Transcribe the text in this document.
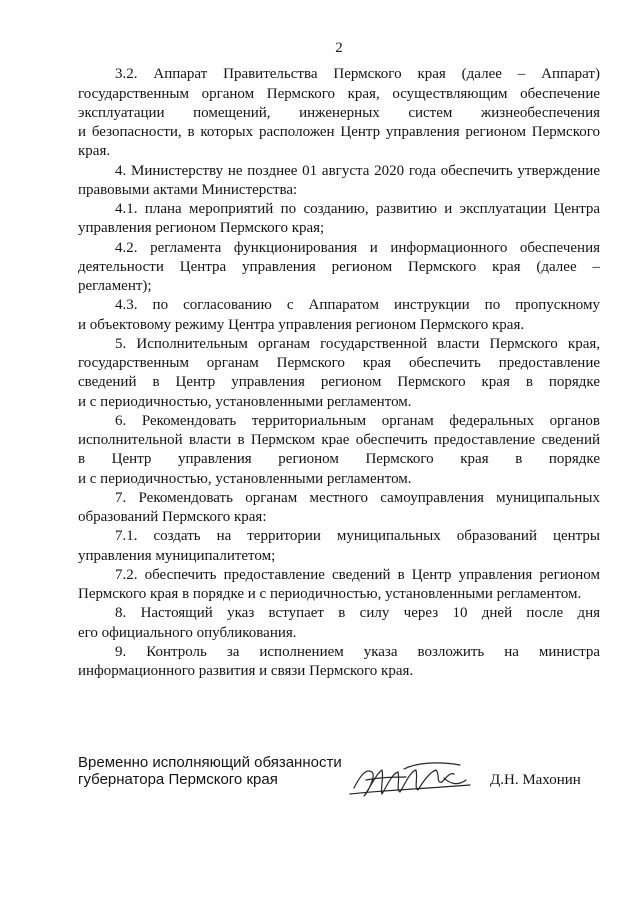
2
3.2. Аппарат Правительства Пермского края (далее – Аппарат)
государственным органом Пермского края, осуществляющим обеспечение
эксплуатации помещений, инженерных систем жизнеобеспечения
и безопасности, в которых расположен Центр управления регионом Пермского
края.
4. Министерству не позднее 01 августа 2020 года обеспечить утверждение
правовыми актами Министерства:
4.1. плана мероприятий по созданию, развитию и эксплуатации Центра
управления регионом Пермского края;
4.2. регламента функционирования и информационного обеспечения
деятельности Центра управления регионом Пермского края (далее –
регламент);
4.3. по согласованию с Аппаратом инструкции по пропускному
и объектовому режиму Центра управления регионом Пермского края.
5. Исполнительным органам государственной власти Пермского края,
государственным органам Пермского края обеспечить предоставление
сведений в Центр управления регионом Пермского края в порядке
и с периодичностью, установленными регламентом.
6. Рекомендовать территориальным органам федеральных органов
исполнительной власти в Пермском крае обеспечить предоставление сведений
в Центр управления регионом Пермского края в порядке
и с периодичностью, установленными регламентом.
7. Рекомендовать органам местного самоуправления муниципальных
образований Пермского края:
7.1. создать на территории муниципальных образований центры
управления муниципалитетом;
7.2. обеспечить предоставление сведений в Центр управления регионом
Пермского края в порядке и с периодичностью, установленными регламентом.
8. Настоящий указ вступает в силу через 10 дней после дня
его официального опубликования.
9. Контроль за исполнением указа возложить на министра
информационного развития и связи Пермского края.
Временно исполняющий обязанности
губернатора Пермского края	Д.Н. Махонин
